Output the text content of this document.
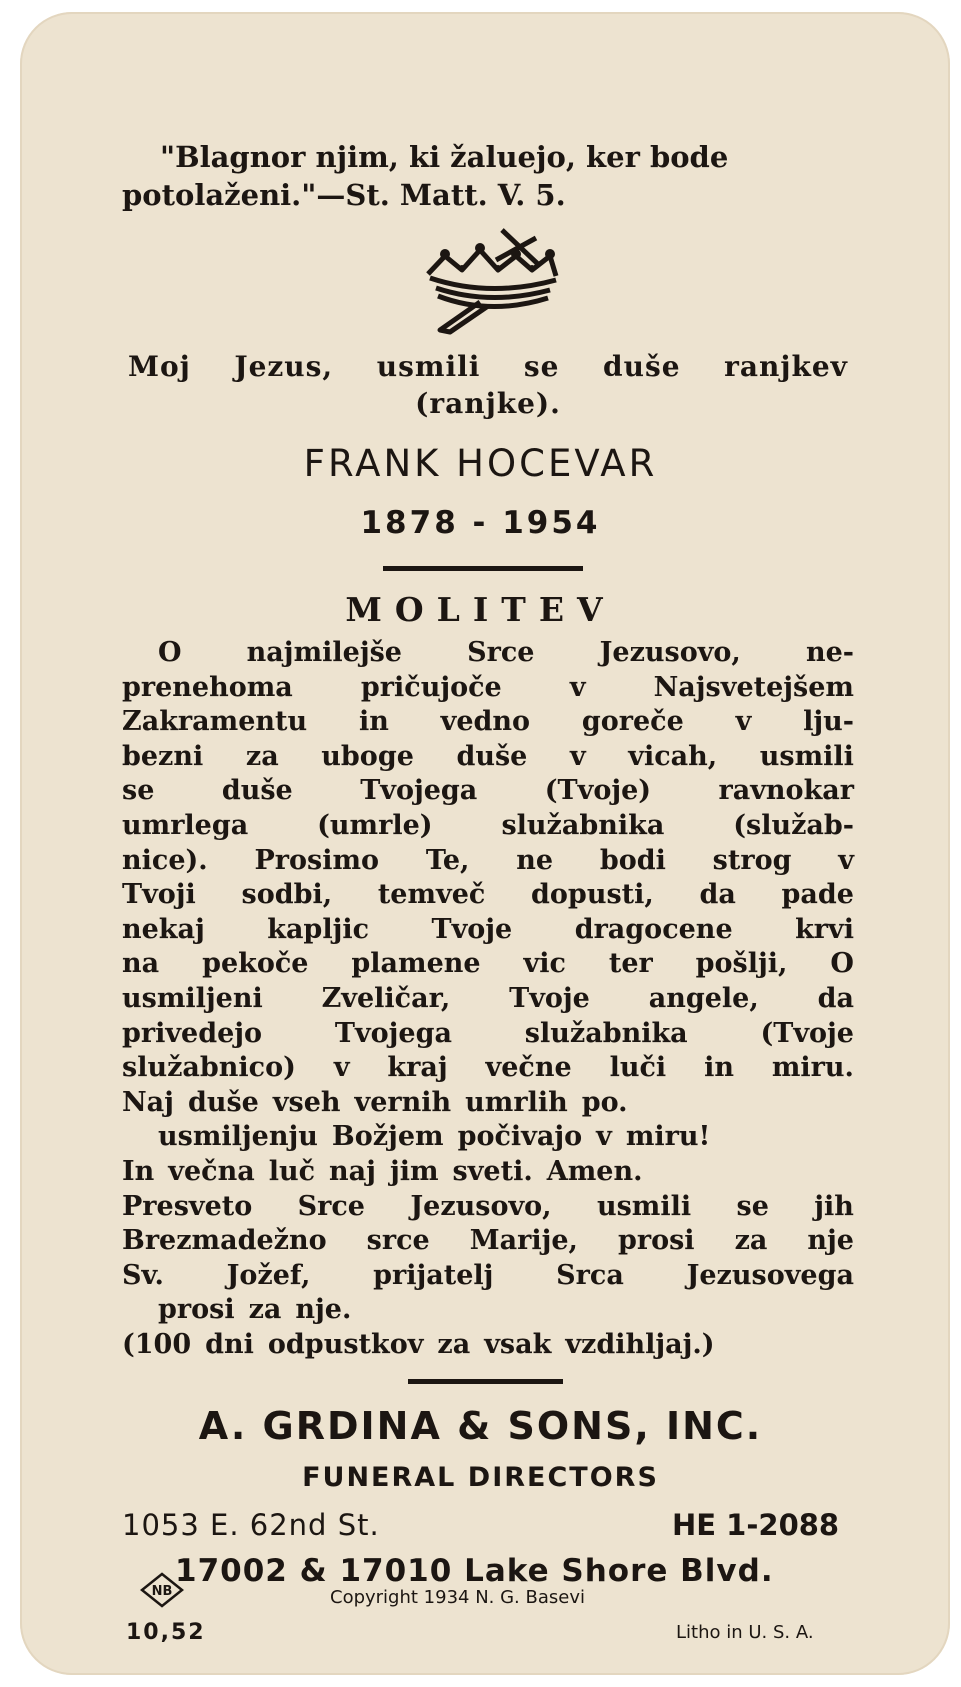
"Blagnor njim, ki žaluejo, ker bode
potolaženi."—St. Matt. V. 5.
Moj Jezus, usmili se duše ranjkev
(ranjke).
FRANK HOCEVAR
1878 - 1954
MOLITEV
O najmilejše Srce Jezusovo, ne-
prenehoma	pričujoče	v	Najsvetejšem
Zakramentu in vedno goreče v lju-
bezni za uboge duše v vicah, usmili
se duše Tvojega (Tvoje) ravnokar
umrlega	(umrle)	služabnika	(služab-
nice). Prosimo Te, ne bodi strog v
Tvoji sodbi, temveč dopusti, da pade
nekaj kapljic Tvoje dragocene krvi
na pekoče plamene vic ter pošlji, O
usmiljeni Zveličar, Tvoje angele, da
privedejo	Tvojega	služabnika	(Tvoje
služabnico) v kraj večne luči in miru.
Naj duše vseh vernih umrlih po.
usmiljenju Božjem počivajo v miru!
In večna luč naj jim sveti. Amen.
Presveto Srce Jezusovo, usmili se jih
Brezmadežno srce Marije, prosi za nje
Sv. Jožef, prijatelj Srca Jezusovega
prosi za nje.
(100 dni odpustkov za vsak vzdihljaj.)
A. GRDINA & SONS, INC.
FUNERAL DIRECTORS
1053 E. 62nd St.	HE 1-2088
17002 & 17010 Lake Shore Blvd.
NB	Copyright 1934 N. G. Basevi
10,52	Litho in U. S. A.
